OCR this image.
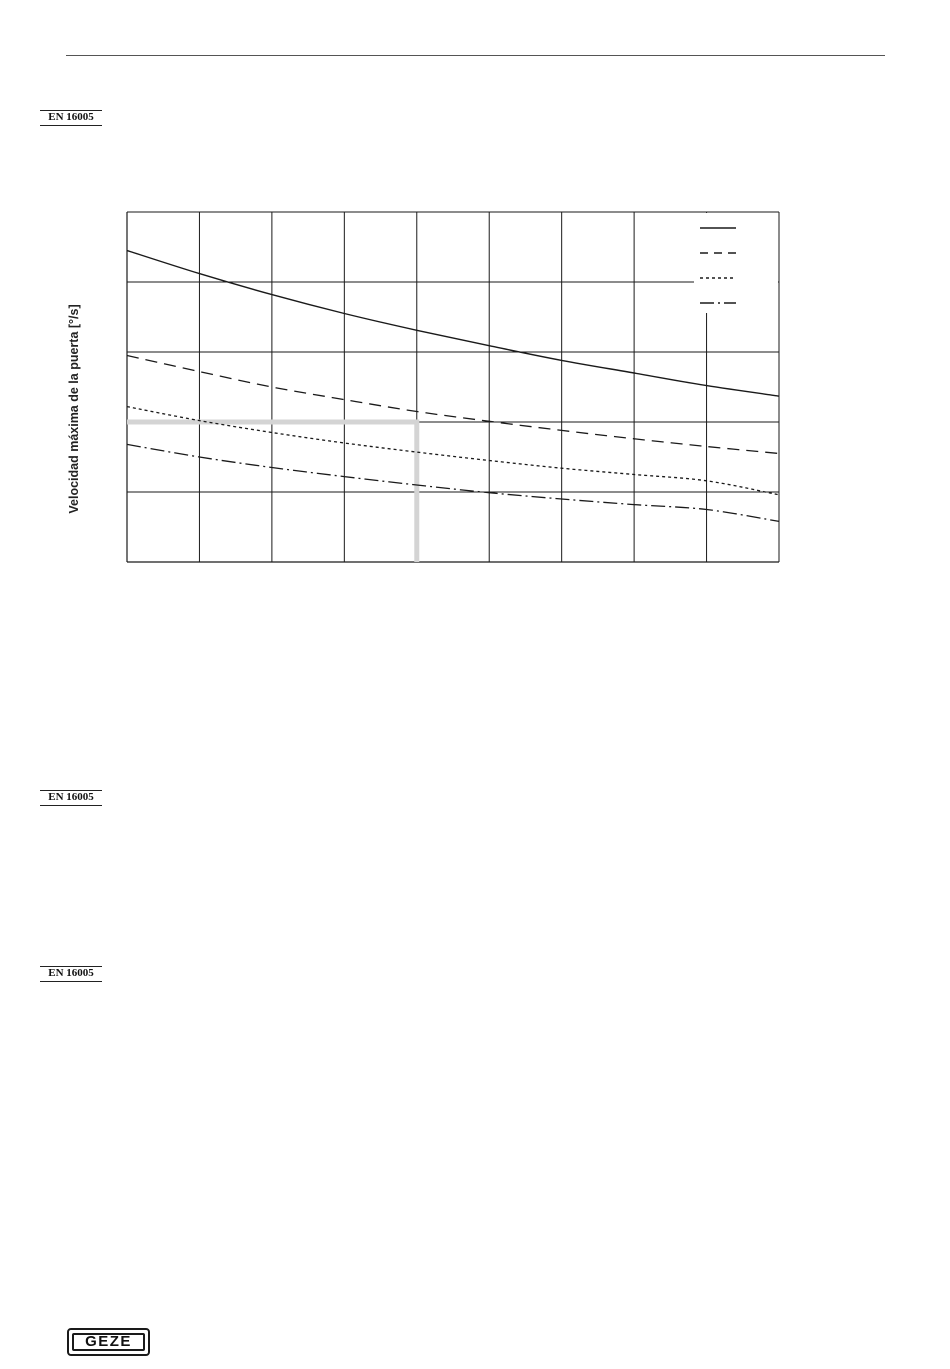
EN 16005
Velocidad máxima de la puerta [°/s]
EN 16005
EN 16005
GEZE
